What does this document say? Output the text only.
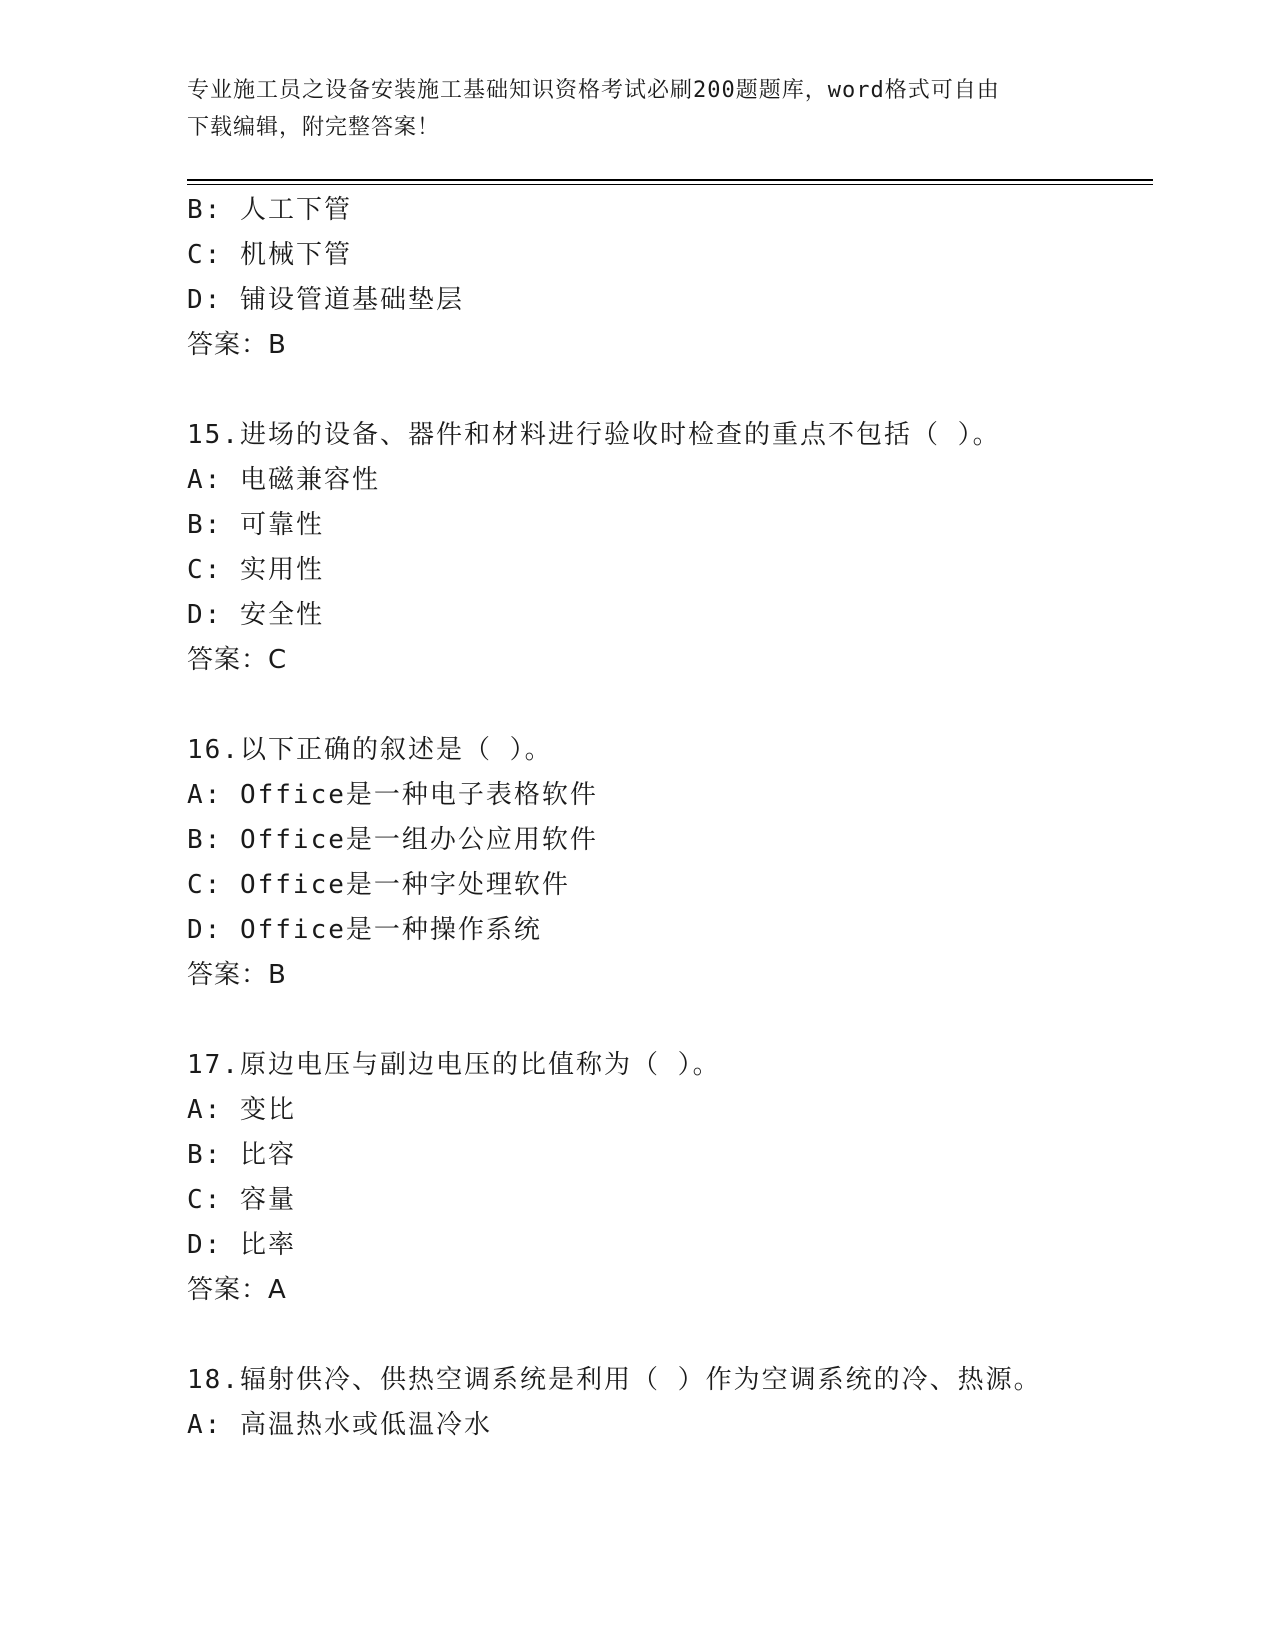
专业施工员之设备安装施工基础知识资格考试必刷200题题库，word格式可自由
下载编辑，附完整答案！
B: 人工下管
C: 机械下管
D: 铺设管道基础垫层
答案：B
15.进场的设备、器件和材料进行验收时检查的重点不包括（ ）。
A: 电磁兼容性
B: 可靠性
C: 实用性
D: 安全性
答案：C
16.以下正确的叙述是（ ）。
A: Office是一种电子表格软件
B: Office是一组办公应用软件
C: Office是一种字处理软件
D: Office是一种操作系统
答案：B
17.原边电压与副边电压的比值称为（ ）。
A: 变比
B: 比容
C: 容量
D: 比率
答案：A
18.辐射供冷、供热空调系统是利用（ ）作为空调系统的冷、热源。
A: 高温热水或低温冷水
